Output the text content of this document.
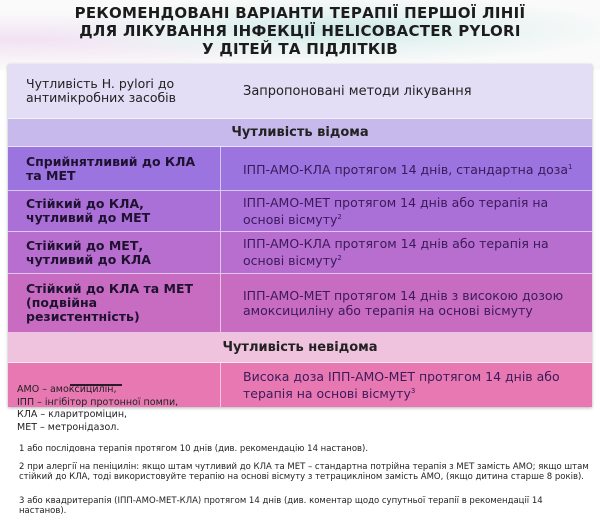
РЕКОМЕНДОВАНІ ВАРІАНТИ ТЕРАПІЇ ПЕРШОЇ ЛІНІЇ
ДЛЯ ЛІКУВАННЯ ІНФЕКЦІЇ HELICOBACTER PYLORI
У ДІТЕЙ ТА ПІДЛІТКІВ
Чутливість H. pylori до антимікробних засобів	Запропоновані методи лікування
Чутливість відома
Сприйнятливий до КЛА та МЕТ	ІПП-АМО-КЛА протягом 14 днів, стандартна доза$^1$
Стійкий до КЛА, чутливий до МЕТ
ІПП-АМО-МЕТ протягом 14 днів або терапія на основі вісмуту$^2$
Стійкий до МЕТ, чутливий до КЛА
ІПП-АМО-КЛА протягом 14 днів або терапія на основі вісмуту$^2$
Стійкий до КЛА та МЕТ (подвійна резистентність)
ІПП-АМО-МЕТ протягом 14 днів з високою дозою амоксициліну або терапія на основі вісмуту
Чутливість невідома
Висока доза ІПП-АМО-МЕТ протягом 14 днів або терапія на основі вісмуту$^3$
АМО – амоксицилін,
ІПП – інгібітор протонної помпи,
КЛА – кларитроміцин,
МЕТ – метронідазол.
1 або послідовна терапія протягом 10 днів (див. рекомендацію 14 настанов).
2 при алергії на пеніцилін: якщо штам чутливий до КЛА та МЕТ – стандартна потрійна терапія з МЕТ замість АМО; якщо штам стійкий до КЛА, тоді використовуйте терапію на основі вісмуту з тетрацикліном замість АМО, (якщо дитина старше 8 років).
3 або квадритерапія (ІПП-АМО-МЕТ-КЛА) протягом 14 днів (див. коментар щодо супутньої терапії в рекомендації 14 настанов).
